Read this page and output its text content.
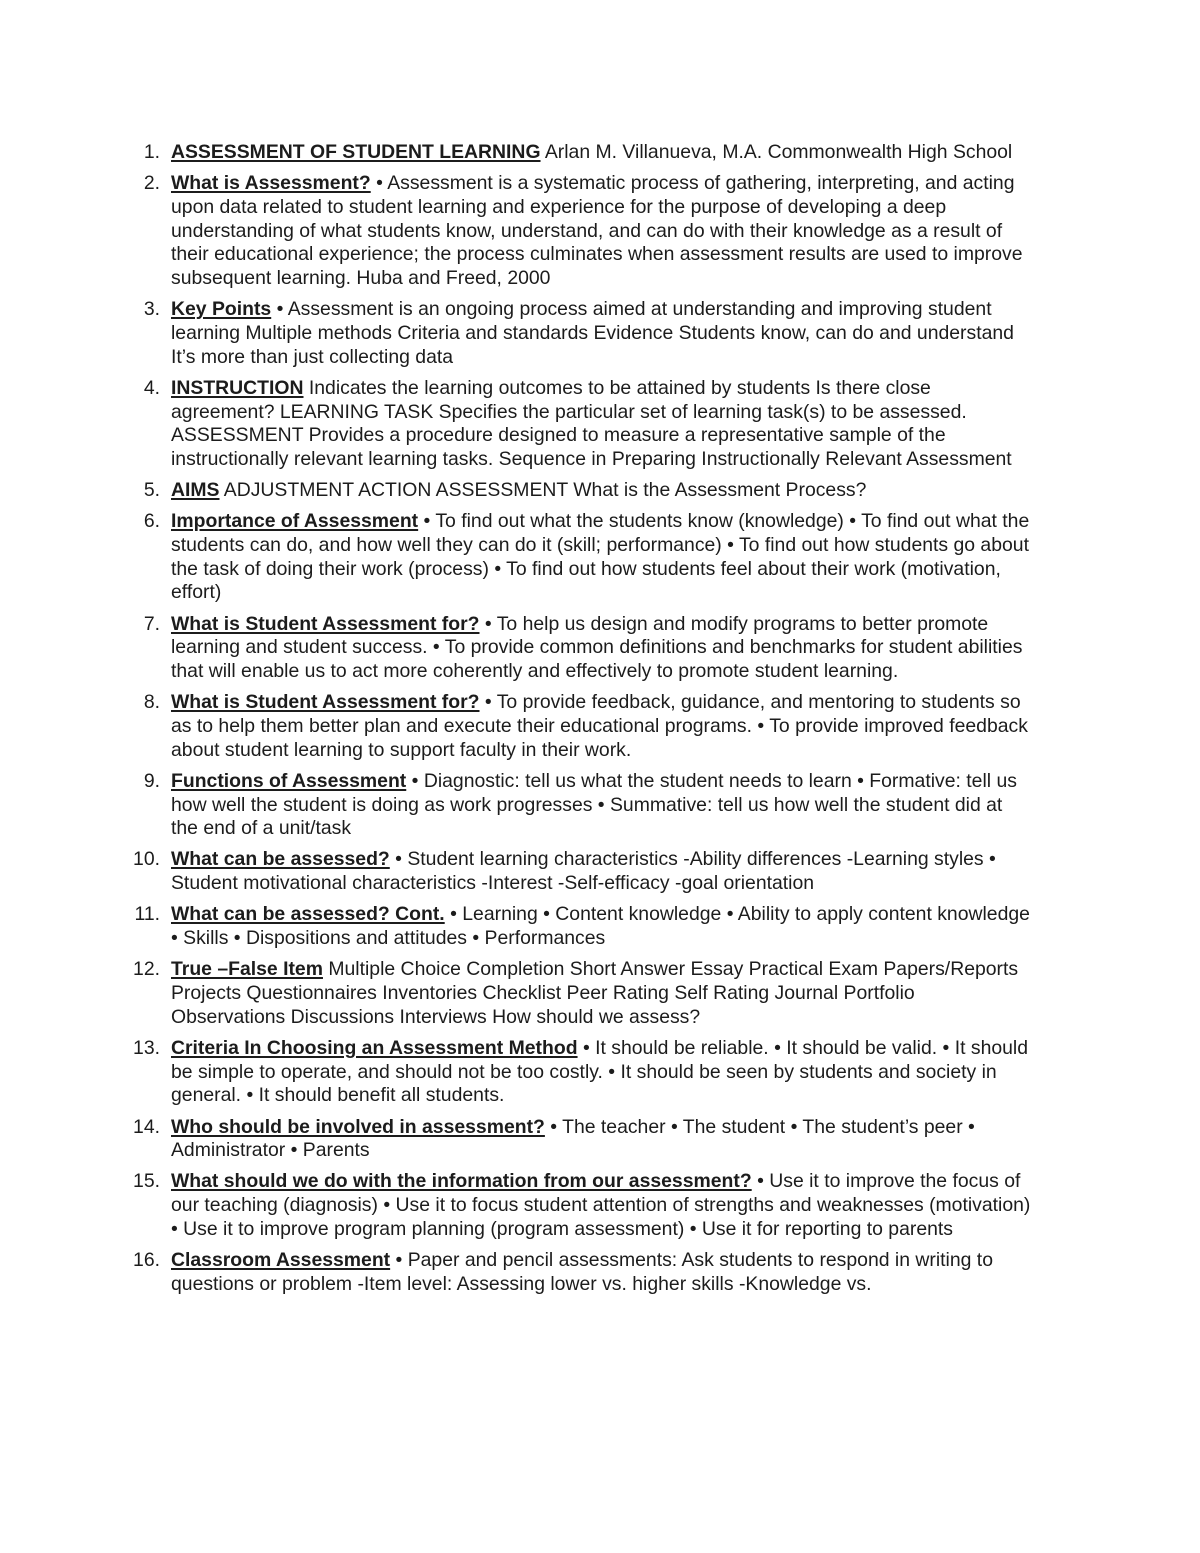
1. ASSESSMENT OF STUDENT LEARNING Arlan M. Villanueva, M.A. Commonwealth High School
2. What is Assessment? • Assessment is a systematic process of gathering, interpreting, and acting upon data related to student learning and experience for the purpose of developing a deep understanding of what students know, understand, and can do with their knowledge as a result of their educational experience; the process culminates when assessment results are used to improve subsequent learning. Huba and Freed, 2000
3. Key Points • Assessment is an ongoing process aimed at understanding and improving student learning Multiple methods Criteria and standards Evidence Students know, can do and understand It’s more than just collecting data
4. INSTRUCTION Indicates the learning outcomes to be attained by students Is there close agreement? LEARNING TASK Specifies the particular set of learning task(s) to be assessed. ASSESSMENT Provides a procedure designed to measure a representative sample of the instructionally relevant learning tasks. Sequence in Preparing Instructionally Relevant Assessment
5. AIMS ADJUSTMENT ACTION ASSESSMENT What is the Assessment Process?
6. Importance of Assessment • To find out what the students know (knowledge) • To find out what the students can do, and how well they can do it (skill; performance) • To find out how students go about the task of doing their work (process) • To find out how students feel about their work (motivation, effort)
7. What is Student Assessment for? • To help us design and modify programs to better promote learning and student success. • To provide common definitions and benchmarks for student abilities that will enable us to act more coherently and effectively to promote student learning.
8. What is Student Assessment for? • To provide feedback, guidance, and mentoring to students so as to help them better plan and execute their educational programs. • To provide improved feedback about student learning to support faculty in their work.
9. Functions of Assessment • Diagnostic: tell us what the student needs to learn • Formative: tell us how well the student is doing as work progresses • Summative: tell us how well the student did at the end of a unit/task
10. What can be assessed? • Student learning characteristics -Ability differences -Learning styles • Student motivational characteristics -Interest -Self-efficacy -goal orientation
11. What can be assessed? Cont. • Learning • Content knowledge • Ability to apply content knowledge • Skills • Dispositions and attitudes • Performances
12. True –False Item Multiple Choice Completion Short Answer Essay Practical Exam Papers/Reports Projects Questionnaires Inventories Checklist Peer Rating Self Rating Journal Portfolio Observations Discussions Interviews How should we assess?
13. Criteria In Choosing an Assessment Method • It should be reliable. • It should be valid. • It should be simple to operate, and should not be too costly. • It should be seen by students and society in general. • It should benefit all students.
14. Who should be involved in assessment? • The teacher • The student • The student’s peer • Administrator • Parents
15. What should we do with the information from our assessment? • Use it to improve the focus of our teaching (diagnosis) • Use it to focus student attention of strengths and weaknesses (motivation) • Use it to improve program planning (program assessment) • Use it for reporting to parents
16. Classroom Assessment • Paper and pencil assessments: Ask students to respond in writing to questions or problem -Item level: Assessing lower vs. higher skills -Knowledge vs.
